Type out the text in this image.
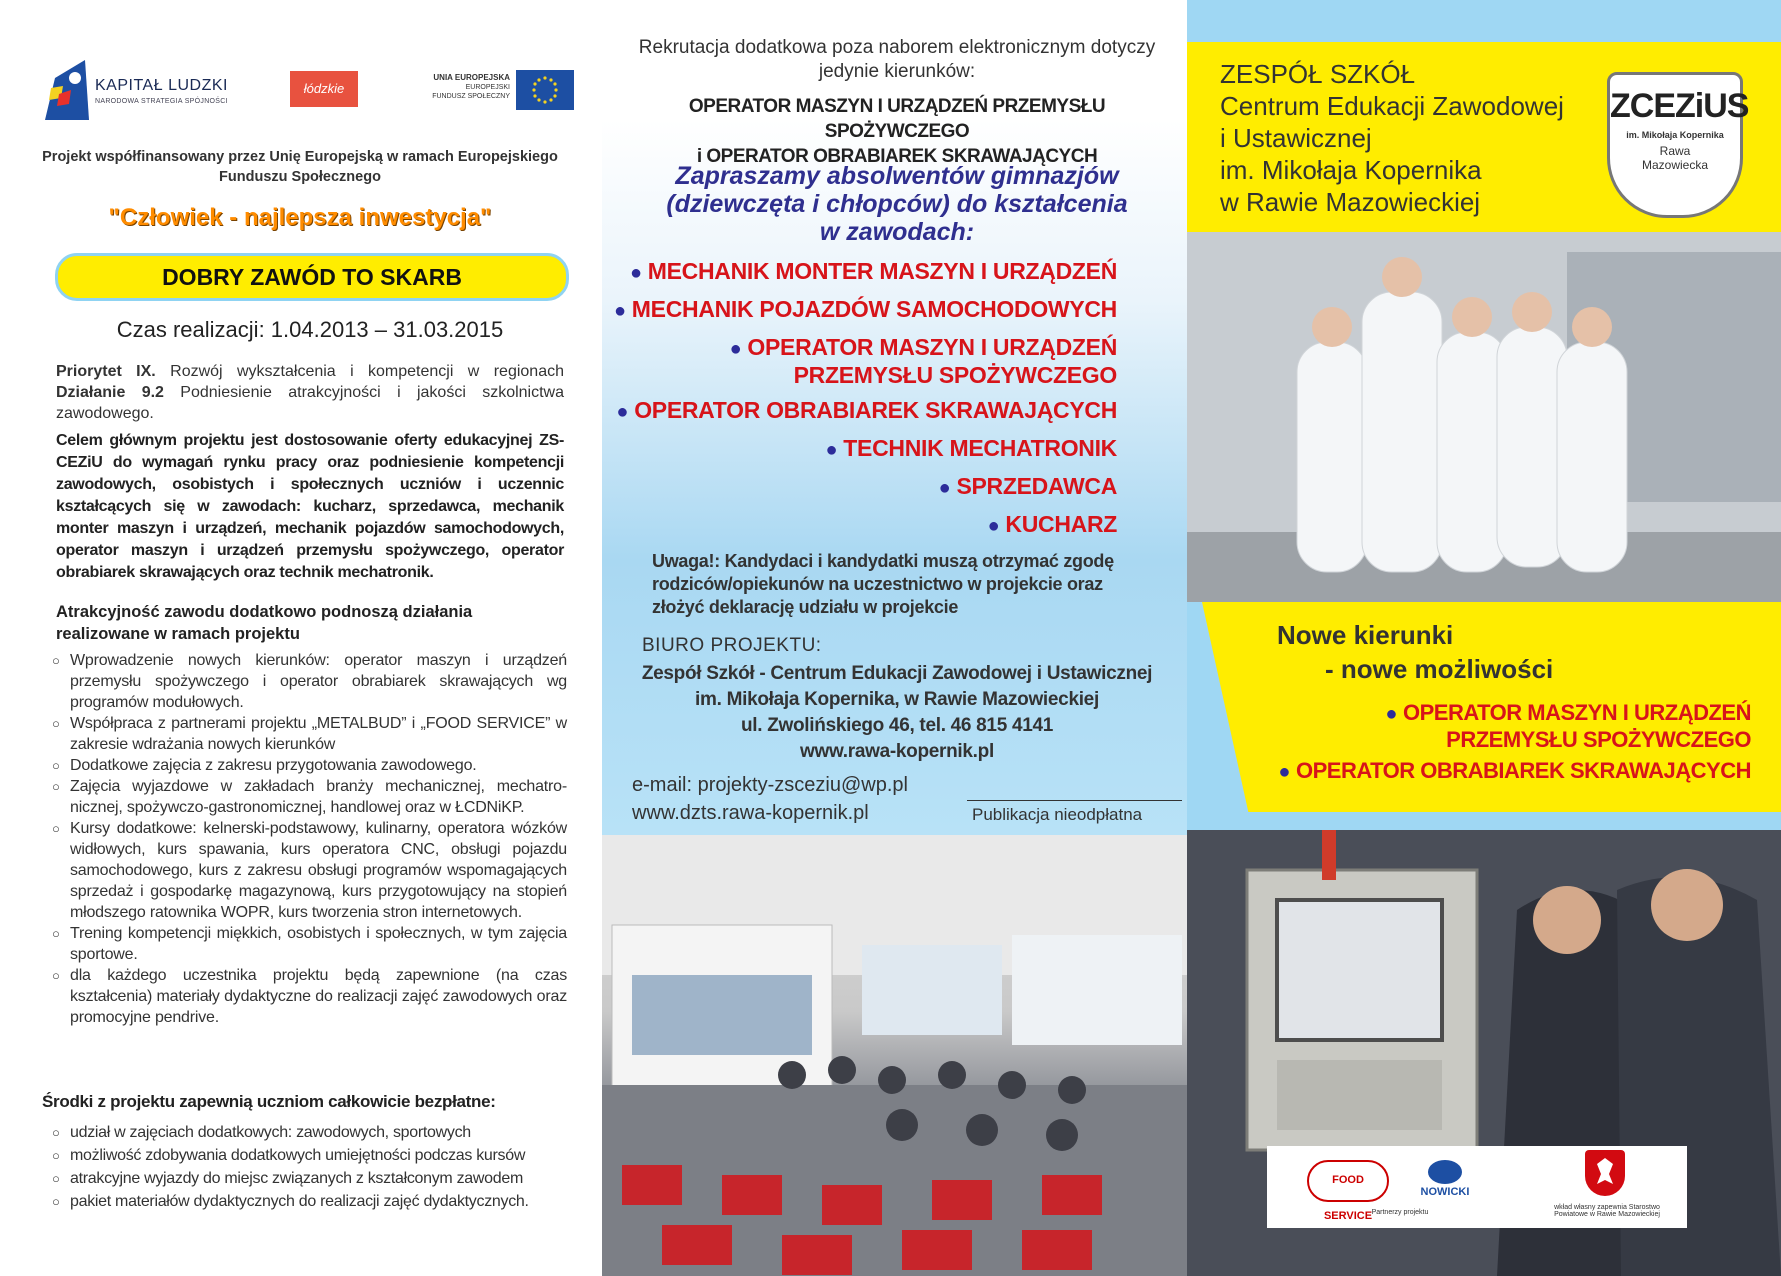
KAPITAŁ LUDZKI
NARODOWA STRATEGIA SPÓJNOŚCI
łódzkie
UNIA EUROPEJSKA
EUROPEJSKI
FUNDUSZ SPOŁECZNY
Projekt współfinansowany przez Unię Europejską w ramach Europejskiego Funduszu Społecznego
"Człowiek - najlepsza inwestycja"
DOBRY ZAWÓD TO SKARB
Czas realizacji: 1.04.2013 – 31.03.2015
Priorytet IX. Rozwój wykształcenia i kompetencji w regionach Działanie 9.2 Podniesienie atrakcyjności i jakości szkolnictwa zawodowego.
Celem głównym projektu jest dostosowanie oferty edukacyjnej ZS-CEZiU do wymagań rynku pracy oraz podniesienie kompetencji zawodowych, osobistych i społecznych uczniów i uczennic kształcących się w zawodach: kucharz, sprzedawca, mechanik monter maszyn i urządzeń, mechanik pojazdów samochodowych, operator maszyn i urządzeń przemysłu spożywczego, operator obrabiarek skrawających oraz technik mechatronik.
Atrakcyjność zawodu dodatkowo podnoszą działania realizowane w ramach projektu
○ Wprowadzenie nowych kierunków: operator maszyn i urządzeń przemysłu spożywczego i operator obrabiarek skrawających wg programów modułowych.
○ Współpraca z partnerami projektu „METALBUD” i „FOOD SERVICE” w zakresie wdrażania nowych kierunków
○ Dodatkowe zajęcia z zakresu przygotowania zawodowego.
○ Zajęcia wyjazdowe w zakładach branży mechanicznej, mechatro-nicznej, spożywczo-gastronomicznej, handlowej oraz w ŁCDNiKP.
○ Kursy dodatkowe: kelnerski-podstawowy, kulinarny, operatora wózków widłowych, kurs spawania, kurs operatora CNC, obsługi pojazdu samochodowego, kurs z zakresu obsługi programów wspomagających sprzedaż i gospodarkę magazynową, kurs przygotowujący na stopień młodszego ratownika WOPR, kurs tworzenia stron internetowych.
○ Trening kompetencji miękkich, osobistych i społecznych, w tym zajęcia sportowe.
○ dla każdego uczestnika projektu będą zapewnione (na czas kształcenia) materiały dydaktyczne do realizacji zajęć zawodowych oraz promocyjne pendrive.
Środki z projektu zapewnią uczniom całkowicie bezpłatne:
○ udział w zajęciach dodatkowych: zawodowych, sportowych
○ możliwość zdobywania dodatkowych umiejętności podczas kursów
○ atrakcyjne wyjazdy do miejsc związanych z kształconym zawodem
○ pakiet materiałów dydaktycznych do realizacji zajęć dydaktycznych.
Rekrutacja dodatkowa poza naborem elektronicznym dotyczy jedynie kierunków:
OPERATOR MASZYN I URZĄDZEŃ PRZEMYSŁU SPOŻYWCZEGO
i OPERATOR OBRABIAREK SKRAWAJĄCYCH
Zapraszamy absolwentów gimnazjów
(dziewczęta i chłopców) do kształcenia
w zawodach:

● MECHANIK MONTER MASZYN I URZĄDZEŃ

● MECHANIK POJAZDÓW SAMOCHODOWYCH

● OPERATOR MASZYN I URZĄDZEŃ
PRZEMYSŁU SPOŻYWCZEGO

● OPERATOR OBRABIAREK SKRAWAJĄCYCH

● TECHNIK MECHATRONIK

● SPRZEDAWCA

● KUCHARZ

Uwaga!: Kandydaci i kandydatki muszą otrzymać zgodę rodziców/opiekunów na uczestnictwo w projekcie oraz złożyć deklarację udziału w projekcie
BIURO PROJEKTU:
Zespół Szkół - Centrum Edukacji Zawodowej i Ustawicznej
im. Mikołaja Kopernika, w Rawie Mazowieckiej
ul. Zwolińskiego 46, tel. 46 815 4141
www.rawa-kopernik.pl
e-mail: projekty-zsceziu@wp.pl
www.dzts.rawa-kopernik.pl	Publikacja nieodpłatna
ZESPÓŁ SZKÓŁ
Centrum Edukacji Zawodowej
i Ustawicznej
im. Mikołaja Kopernika
w Rawie Mazowieckiej
ZCEZiUS
im. Mikołaja Kopernika
Rawa
Mazowiecka
Nowe kierunki
- nowe możliwości

● OPERATOR MASZYN I URZĄDZEŃ
PRZEMYSŁU SPOŻYWCZEGO

● OPERATOR OBRABIAREK SKRAWAJĄCYCH

FOOD SERVICE
NOWICKI
Partnerzy projektu
wkład własny zapewnia Starostwo Powiatowe w Rawie Mazowieckiej
